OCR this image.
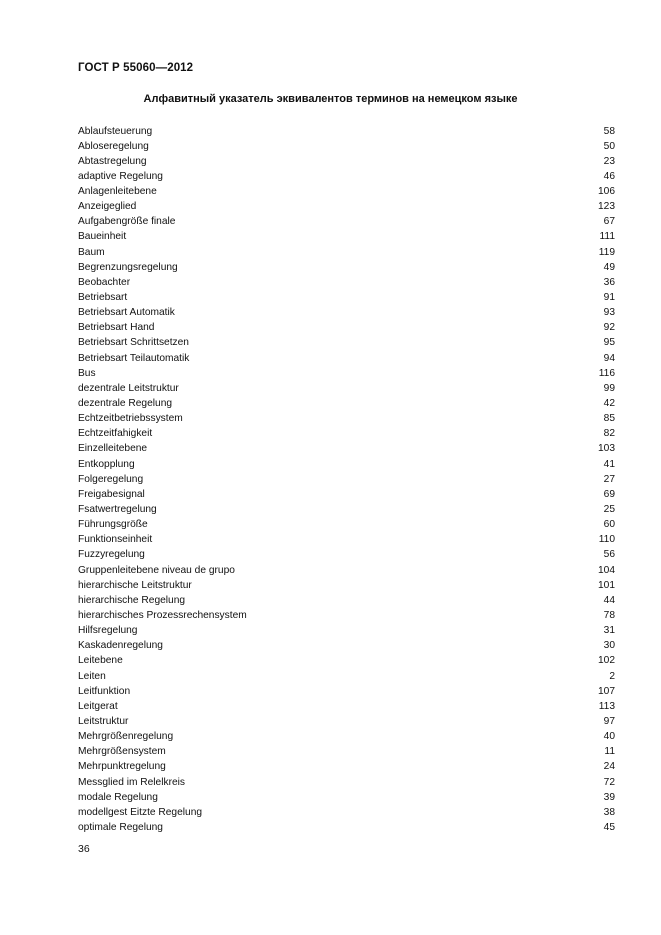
ГОСТ Р 55060—2012
Алфавитный указатель эквивалентов терминов на немецком языке
Ablaufsteuerung	58
Abloseregelung	50
Abtastregelung	23
adaptive Regelung	46
Anlagenleitebene	106
Anzeigeglied	123
Aufgabengröße finale	67
Baueinheit	111
Baum	119
Begrenzungsregelung	49
Beobachter	36
Betriebsart	91
Betriebsart Automatik	93
Betriebsart Hand	92
Betriebsart Schrittsetzen	95
Betriebsart Teilautomatik	94
Bus	116
dezentrale Leitstruktur	99
dezentrale Regelung	42
Echtzeitbetriebssystem	85
Echtzeitfahigkeit	82
Einzelleitebene	103
Entkopplung	41
Folgeregelung	27
Freigabesignal	69
Fsatwertregelung	25
Führungsgröße	60
Funktionseinheit	110
Fuzzyregelung	56
Gruppenleitebene niveau de grupo	104
hierarchische Leitstruktur	101
hierarchische Regelung	44
hierarchisches Prozessrechensystem	78
Hilfsregelung	31
Kaskadenregelung	30
Leitebene	102
Leiten	2
Leitfunktion	107
Leitgerat	113
Leitstruktur	97
Mehrgrößenregelung	40
Mehrgrößensystem	11
Mehrpunktregelung	24
Messglied im Relelkreis	72
modale Regelung	39
modellgest Eitzte Regelung	38
optimale Regelung	45
36
